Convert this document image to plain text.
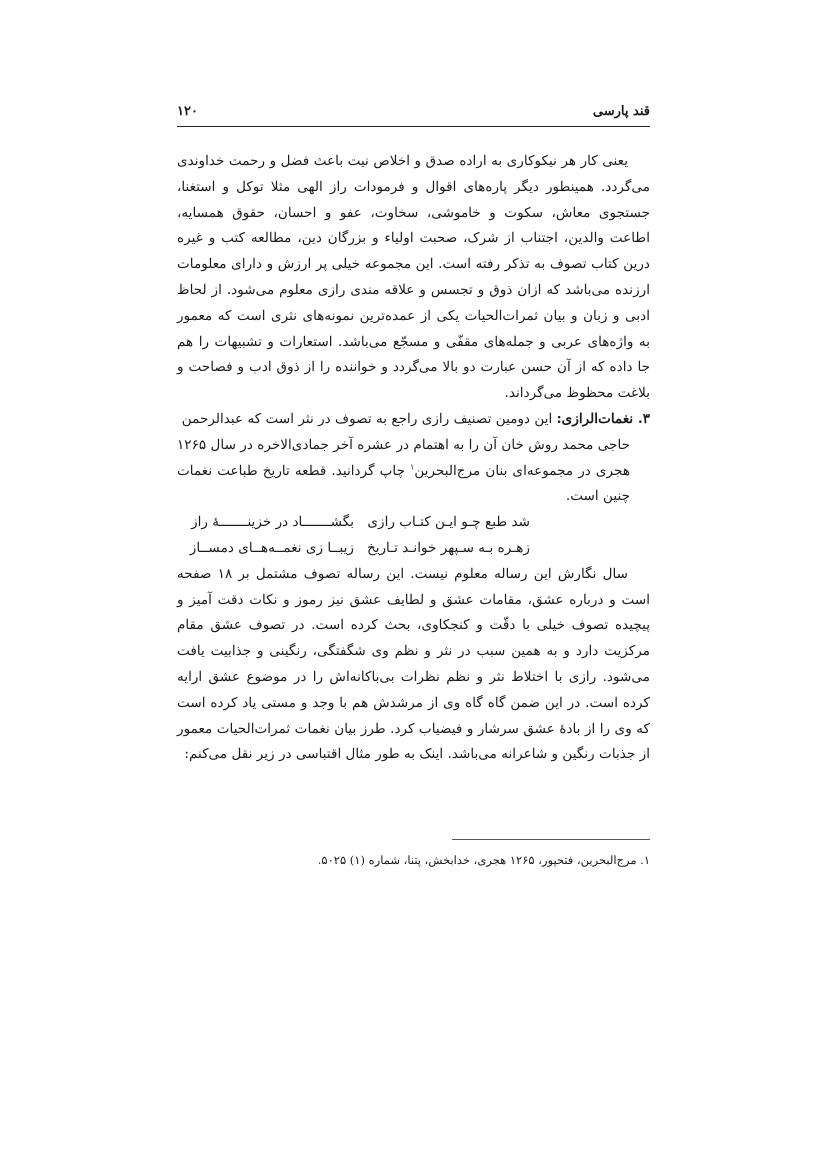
قند پارسی
۱۲۰

یعنی کار هر نیکوکاری به اراده صدق و اخلاص نیت باعث فضل و رحمت خداوندی می‌گردد. همینطور دیگر پاره‌های اقوال و فرمودات راز الهی مثلا توکل و استغنا، جستجوی معاش، سکوت و خاموشی، سخاوت، عفو و احسان، حقوق همسایه، اطاعت والدین، اجتناب از شرک، صحبت اولیاء و بزرگان دین، مطالعه کتب و غیره درین کتاب تصوف به تذکر رفته است. این مجموعه خیلی پر ارزش و دارای معلومات ارزنده می‌باشد که ازان ذوق و تجسس و علاقه مندی رازی معلوم می‌شود. از لحاظ ادبی و زبان و بیان ثمرات‌الحیات یکی از عمده‌ترین نمونه‌های نثری است که معمور به واژه‌های عربی و جمله‌های مقفّی و مسجّع می‌باشد. استعارات و تشبیهات را هم جا داده که از آن حسن عبارت دو بالا می‌گردد و خواننده را از ذوق ادب و فصاحت و بلاغت محظوظ می‌گرداند.

۳. نغمات‌الرازی: این دومین تصنیف رازی راجع به تصوف در نثر است که عبدالرحمن
حاجی محمد روش خان آن را به اهتمام در عشره آخر جمادی‌الاخره در سال ۱۲۶۵ هجری در مجموعه‌ای بنان مرج‌البحرین$^۱$ چاپ گردانید. قطعه تاریخ طباعت نغمات چنین است.
شد طبع چـو ایـن کتـاب رازی
بگشـــــــاد در خزینـــــــهٔ راز
زهـره بـه سـپهر خوانـد تـاریخ
زیبــا زی نغمــه‌هــای دمســاز

سال نگارش این رساله معلوم نیست. این رساله تصوف مشتمل بر ۱۸ صفحه است و درباره عشق، مقامات عشق و لطایف عشق نیز رموز و نکات دقت آمیز و پیچیده تصوف خیلی با دقّت و کنجکاوی، بحث کرده است. در تصوف عشق مقام مرکزیت دارد و به همین سبب در نثر و نظم وی شگفتگی، رنگینی و جذابیت یافت می‌شود. رازی با اختلاط نثر و نظم نظرات بی‌باکانه‌اش را در موضوع عشق ارایه کرده است. در این ضمن گاه گاه وی از مرشدش هم با وجد و مستی یاد کرده است که وی را از بادهٔ عشق سرشار و فیضیاب کرد. طرز بیان نغمات ثمرات‌الحیات معمور از جذبات رنگین و شاعرانه می‌باشد. اینک به طور مثال اقتباسی در زیر نقل می‌کنم:

۱. مرج‌البحرین، فتحپور، ۱۲۶۵ هجری، خدابخش، پتنا، شماره (۱) ۵۰۲۵.
